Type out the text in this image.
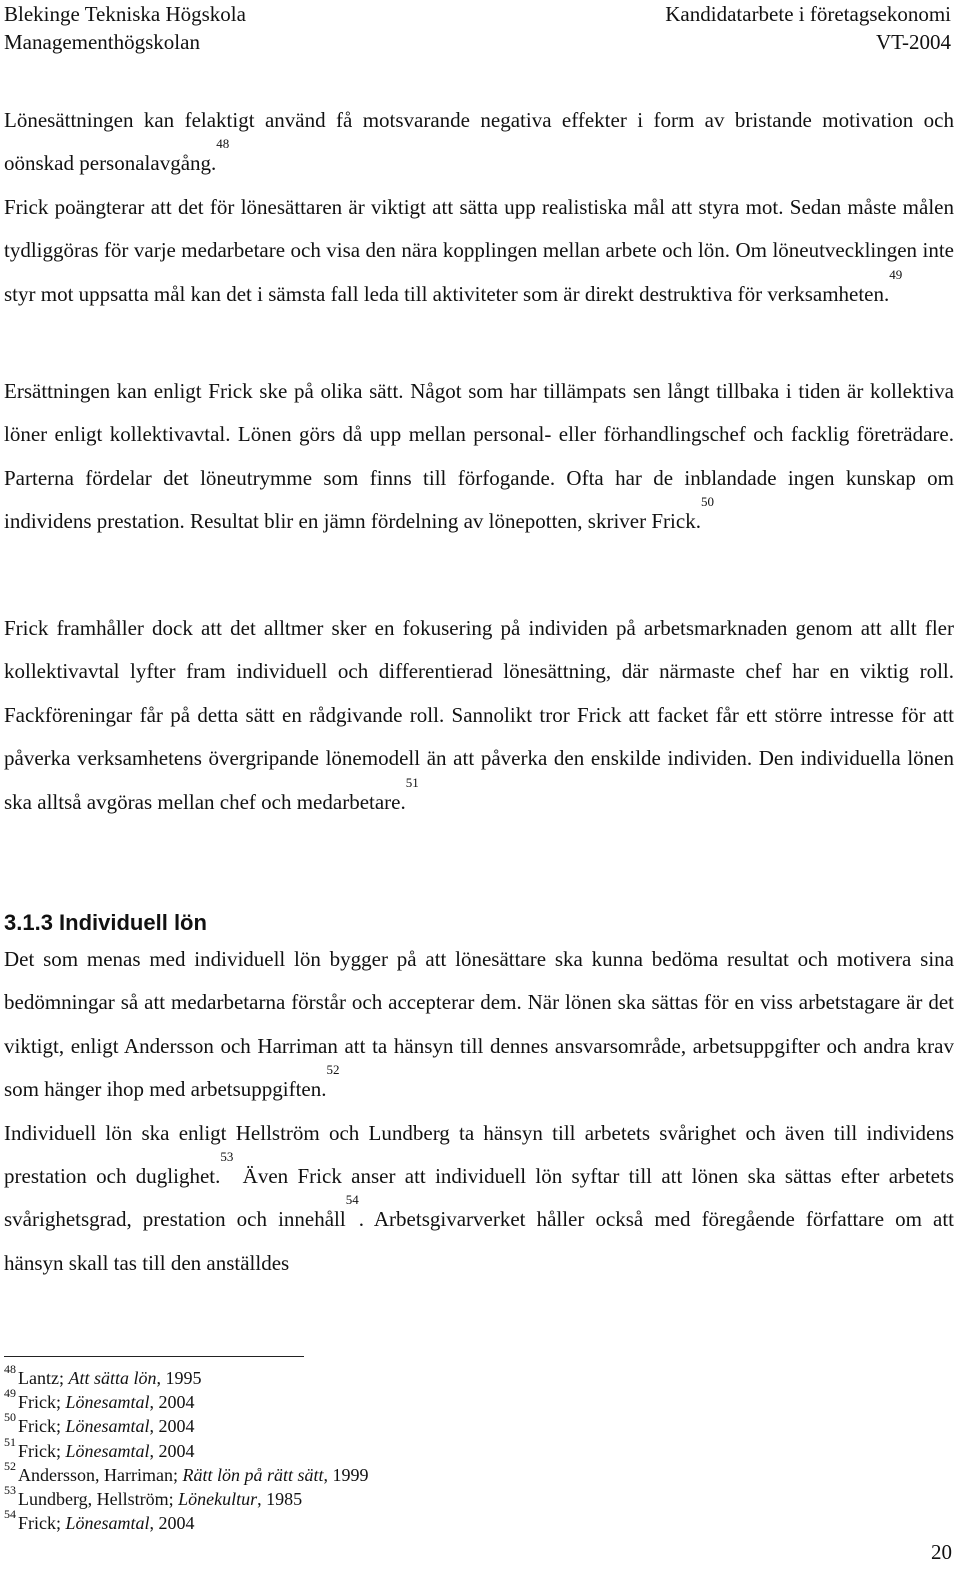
Blekinge Tekniska Högskola
Managementhögskolan
Kandidatarbete i företagsekonomi
VT-2004

Lönesättningen kan felaktigt använd få motsvarande negativa effekter i form av bristande motivation och oönskad personalavgång.$^{48}$

Frick poängterar att det för lönesättaren är viktigt att sätta upp realistiska mål att styra mot. Sedan måste målen tydliggöras för varje medarbetare och visa den nära kopplingen mellan arbete och lön. Om löneutvecklingen inte styr mot uppsatta mål kan det i sämsta fall leda till aktiviteter som är direkt destruktiva för verksamheten.$^{49}$

Ersättningen kan enligt Frick ske på olika sätt. Något som har tillämpats sen långt tillbaka i tiden är kollektiva löner enligt kollektivavtal. Lönen görs då upp mellan personal- eller förhandlingschef och facklig företrädare. Parterna fördelar det löneutrymme som finns till förfogande. Ofta har de inblandade ingen kunskap om individens prestation. Resultat blir en jämn fördelning av lönepotten, skriver Frick.$^{50}$

Frick framhåller dock att det alltmer sker en fokusering på individen på arbetsmarknaden genom att allt fler kollektivavtal lyfter fram individuell och differentierad lönesättning, där närmaste chef har en viktig roll. Fackföreningar får på detta sätt en rådgivande roll. Sannolikt tror Frick att facket får ett större intresse för att påverka verksamhetens övergripande lönemodell än att påverka den enskilde individen. Den individuella lönen ska alltså avgöras mellan chef och medarbetare.$^{51}$

3.1.3 Individuell lön

Det som menas med individuell lön bygger på att lönesättare ska kunna bedöma resultat och motivera sina bedömningar så att medarbetarna förstår och accepterar dem. När lönen ska sättas för en viss arbetstagare är det viktigt, enligt Andersson och Harriman att ta hänsyn till dennes ansvarsområde, arbetsuppgifter och andra krav som hänger ihop med arbetsuppgiften.$^{52}$

Individuell lön ska enligt Hellström och Lundberg ta hänsyn till arbetets svårighet och även till individens prestation och duglighet.$^{53}$ Även Frick anser att individuell lön syftar till att lönen ska sättas efter arbetets svårighetsgrad, prestation och innehåll$^{54}$. Arbetsgivarverket håller också med föregående författare om att hänsyn skall tas till den anställdes

$^{48}$ Lantz; Att sätta lön, 1995
$^{49}$ Frick; Lönesamtal, 2004
$^{50}$ Frick; Lönesamtal, 2004
$^{51}$ Frick; Lönesamtal, 2004
$^{52}$ Andersson, Harriman; Rätt lön på rätt sätt, 1999
$^{53}$ Lundberg, Hellström; Lönekultur, 1985
$^{54}$ Frick; Lönesamtal, 2004
20
